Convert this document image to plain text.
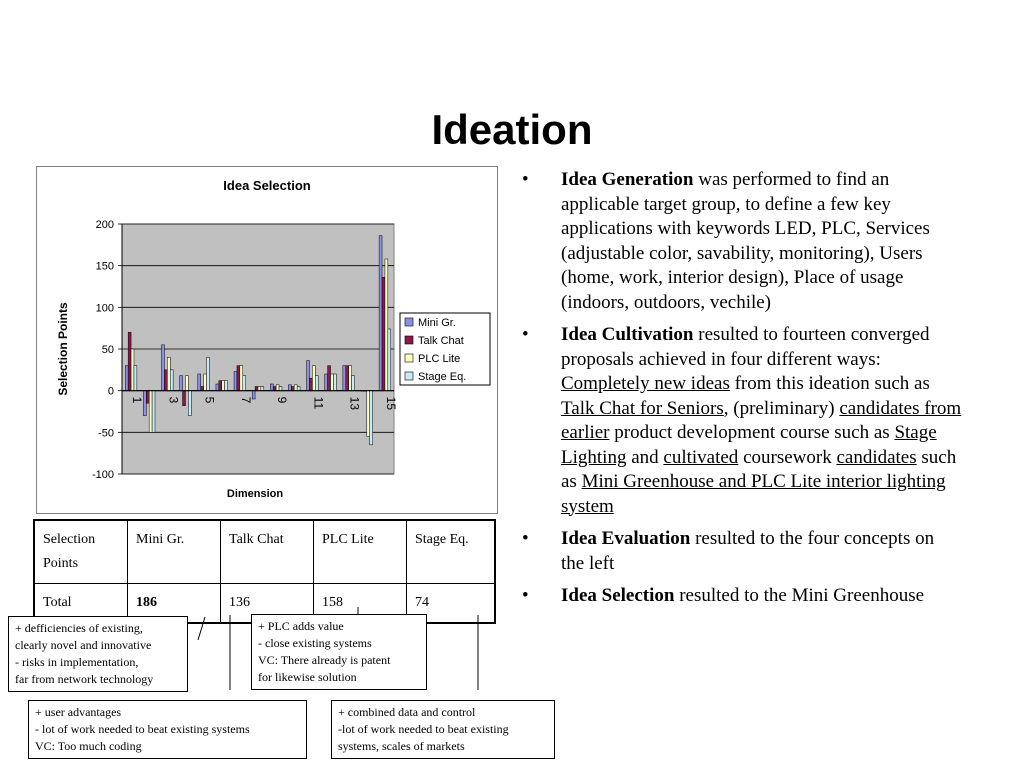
Ideation
200
150
100
50
0
-50
-100
Idea Selection
Dimension
Selection Points
1 3 5 7 9 11 13 15
Mini Gr.
Talk Chat
PLC Lite
Stage Eq.
Selection Points	Mini Gr.	Talk Chat	PLC Lite	Stage Eq.
Total	186	136	158	74
• Idea Generation was performed to find an applicable target group, to define a few key applications with keywords LED, PLC, Services (adjustable color, savability, monitoring), Users (home, work, interior design), Place of usage (indoors, outdoors, vechile)
• Idea Cultivation resulted to fourteen converged proposals achieved in four different ways: Completely new ideas from this ideation such as Talk Chat for Seniors, (preliminary) candidates from earlier product development course such as Stage Lighting and cultivated coursework candidates such as Mini Greenhouse and PLC Lite interior lighting system
• Idea Evaluation resulted to the four concepts on the left
• Idea Selection resulted to the Mini Greenhouse
+ defficiencies of existing,
clearly novel and innovative
- risks in implementation,
far from network technology
+ PLC adds value
- close existing systems
VC: There already is patent
for likewise solution
+ user advantages
- lot of work needed to beat existing systems
VC: Too much coding
+ combined data and control
-lot of work needed to beat existing
systems, scales of markets
